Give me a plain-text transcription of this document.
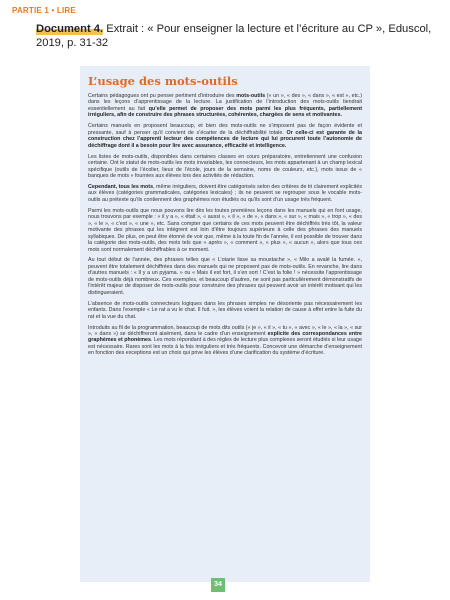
PARTIE 1 • LIRE
Document 4. Extrait : « Pour enseigner la lecture et l’écriture au CP », Eduscol, 2019, p. 31-32
L’usage des mots-outils

Certains pédagogues ont pu penser pertinent d’introduire des mots-outils (« un », « des », « dans », « est », etc.) dans les leçons d’apprentissage de la lecture. La justification de l’introduction des mots-outils tiendrait essentiellement au fait qu’elle permet de proposer des mots parmi les plus fréquents, partiellement irréguliers, afin de construire des phrases structurées, cohérentes, chargées de sens et motivantes.

Certains manuels en proposent beaucoup, et bien des mots-outils ne s’imposent pas de façon évidente et pressante, sauf à penser qu’il convient de s’écarter de la déchiffrabilité totale. Or celle-ci est garante de la construction chez l’apprenti lecteur des compétences de lecture qui lui procurent toute l’autonomie de déchiffrage dont il a besoin pour lire avec assurance, efficacité et intelligence.

Les listes de mots-outils, disponibles dans certaines classes en cours préparatoire, entretiennent une confusion certaine. Ont le statut de mots-outils les mots invariables, les connecteurs, les mots appartenant à un champ lexical spécifique (outils de l’écolier, lieux de l’école, jours de la semaine, noms de couleurs, etc.), mots issus de « banques de mots » fournies aux élèves lors des activités de rédaction.

Cependant, tous les mots, même irréguliers, doivent être catégorisés selon des critères de tri clairement explicités aux élèves (catégories grammaticales, catégories lexicales) ; ils ne peuvent se regrouper sous le vocable mots-outils au prétexte qu’ils contiennent des graphèmes non étudiés ou qu’ils sont d’un usage très fréquent.

Parmi les mots-outils que nous pouvons lire dès les toutes premières leçons dans les manuels qui en font usage, nous trouvons par exemple : « il y a », « était », « aussi », « il », « de », « dans », « sur », « mais », « trop », « des », « le », « c’est », « une », etc. Sans compter que certains de ces mots peuvent être déchiffrés très tôt, la valeur motivante des phrases qui les intègrent est loin d’être toujours supérieure à celle des phrases des manuels syllabiques. De plus, on peut être étonné de voir que, même à la toute fin de l’année, il est possible de trouver dans la catégorie des mots-outils, des mots tels que « après », « comment », « plus », « aucun », alors que tous ces mots sont normalement déchiffrables à ce moment.

Au tout début de l’année, des phrases telles que « L’otarie lisse sa moustache », « Milo a avalé la fumée. », peuvent être totalement déchiffrées dans des manuels qui ne proposent pas de mots-outils. En revanche, lire dans d’autres manuels : « Il y a un pyjama. » ou « Mais il est fort, il s’en sort ! C’est la folie ! » nécessite l’apprentissage de mots-outils déjà nombreux. Ces exemples, et beaucoup d’autres, ne sont pas particulièrement démonstratifs de l’intérêt majeur de disposer de mots-outils pour construire des phrases qui peuvent avoir un intérêt motivant qui les distingueraient.

L’absence de mots-outils connecteurs logiques dans les phrases simples ne désoriente pas nécessairement les enfants. Dans l’exemple « Le rat a vu le chat. Il fuit. », les élèves voient la relation de cause à effet entre la fuite du rat et la vue du chat.

Introduits au fil de la programmation, beaucoup de mots dits outils (« je », « il », « tu », « avec », « le », « la », « sur », « dans ») se déchiffreront aisément, dans le cadre d’un enseignement explicite des correspondances entre graphèmes et phonèmes. Les mots répondant à des règles de lecture plus complexes seront étudiés si leur usage est nécessaire. Rares sont les mots à la fois irréguliers et très fréquents. Concevoir une démarche d’enseignement en fonction des exceptions est un choix qui prive les élèves d’une clarification du système d’écriture.

34
